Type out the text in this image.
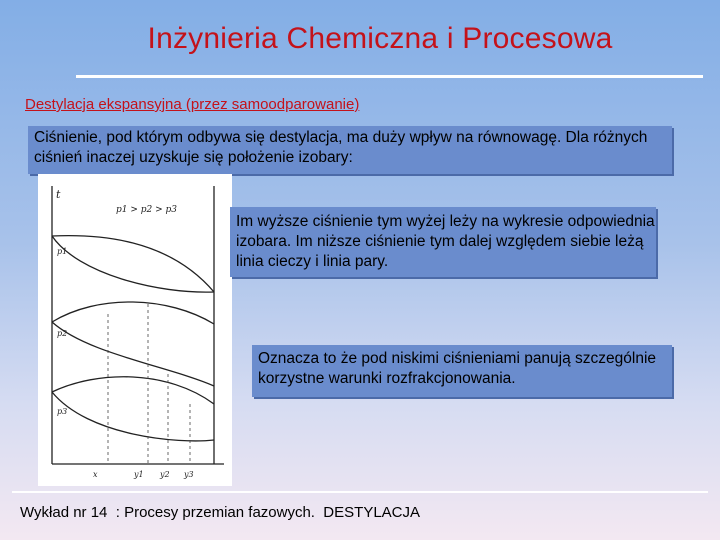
Inżynieria Chemiczna i Procesowa
Destylacja ekspansyjna (przez samoodparowanie)
Ciśnienie, pod którym odbywa się destylacja, ma duży wpływ na równowagę. Dla różnych ciśnień inaczej uzyskuje się położenie izobary:
t
p1 > p2 > p3
p1
p2
p3
x	y1 y2 y3
Im wyższe ciśnienie tym wyżej leży na wykresie odpowiednia izobara. Im niższe ciśnienie tym dalej względem siebie leżą linia cieczy i linia pary.
Oznacza to że pod niskimi ciśnieniami panują szczególnie korzystne warunki rozfrakcjonowania.
Wykład nr 14  : Procesy przemian fazowych.  DESTYLACJA
